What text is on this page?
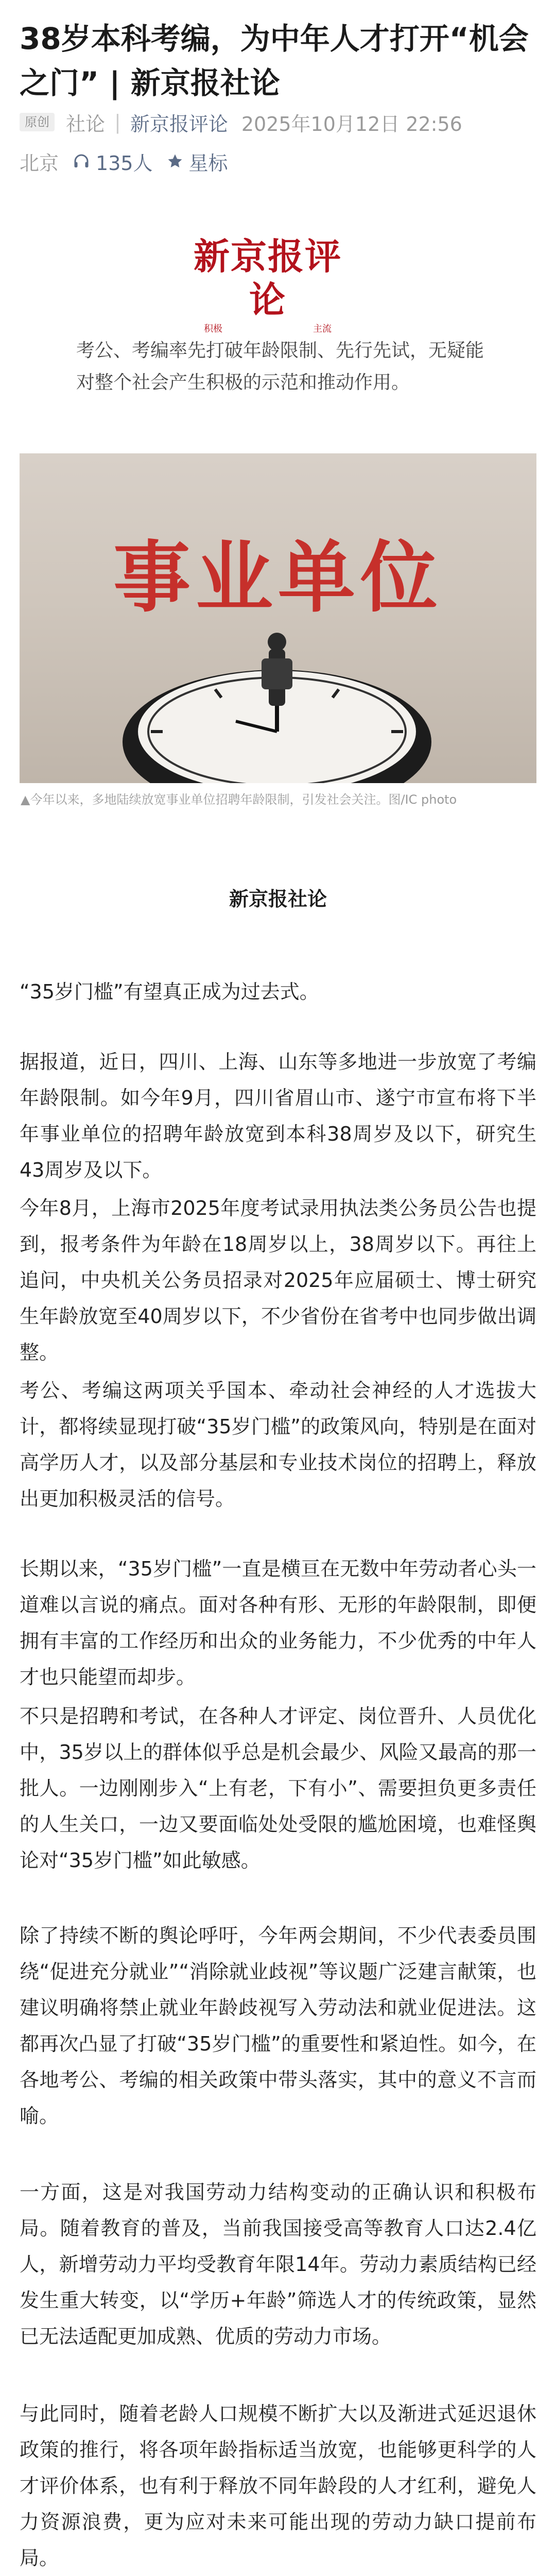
38岁本科考编，为中年人才打开“机会之门” | 新京报社论
原创 社论 | 新京报评论 2025年10月12日 22:56
北京 135人 星标
新京报评论
积极	主流

考公、考编率先打破年龄限制、先行先试，无疑能对整个社会产生积极的示范和推动作用。

事业单位

▲今年以来，多地陆续放宽事业单位招聘年龄限制，引发社会关注。图/IC photo

新京报社论

“35岁门槛”有望真正成为过去式。

据报道，近日，四川、上海、山东等多地进一步放宽了考编年龄限制。如今年9月，四川省眉山市、遂宁市宣布将下半年事业单位的招聘年龄放宽到本科38周岁及以下，研究生43周岁及以下。

今年8月，上海市2025年度考试录用执法类公务员公告也提到，报考条件为年龄在18周岁以上，38周岁以下。再往上追问，中央机关公务员招录对2025年应届硕士、博士研究生年龄放宽至40周岁以下，不少省份在省考中也同步做出调整。

考公、考编这两项关乎国本、牵动社会神经的人才选拔大计，都将续显现打破“35岁门槛”的政策风向，特别是在面对高学历人才，以及部分基层和专业技术岗位的招聘上，释放出更加积极灵活的信号。

长期以来，“35岁门槛”一直是横亘在无数中年劳动者心头一道难以言说的痛点。面对各种有形、无形的年龄限制，即便拥有丰富的工作经历和出众的业务能力，不少优秀的中年人才也只能望而却步。

不只是招聘和考试，在各种人才评定、岗位晋升、人员优化中，35岁以上的群体似乎总是机会最少、风险又最高的那一批人。一边刚刚步入“上有老，下有小”、需要担负更多责任的人生关口，一边又要面临处处受限的尴尬困境，也难怪舆论对“35岁门槛”如此敏感。

除了持续不断的舆论呼吁，今年两会期间，不少代表委员围绕“促进充分就业”“消除就业歧视”等议题广泛建言献策，也建议明确将禁止就业年龄歧视写入劳动法和就业促进法。这都再次凸显了打破“35岁门槛”的重要性和紧迫性。如今，在各地考公、考编的相关政策中带头落实，其中的意义不言而喻。

一方面，这是对我国劳动力结构变动的正确认识和积极布局。随着教育的普及，当前我国接受高等教育人口达2.4亿人，新增劳动力平均受教育年限14年。劳动力素质结构已经发生重大转变，以“学历+年龄”筛选人才的传统政策，显然已无法适配更加成熟、优质的劳动力市场。

与此同时，随着老龄人口规模不断扩大以及渐进式延迟退休政策的推行，将各项年龄指标适当放宽，也能够更科学的人才评价体系，也有利于释放不同年龄段的人才红利，避免人力资源浪费，更为应对未来可能出现的劳动力缺口提前布局。
